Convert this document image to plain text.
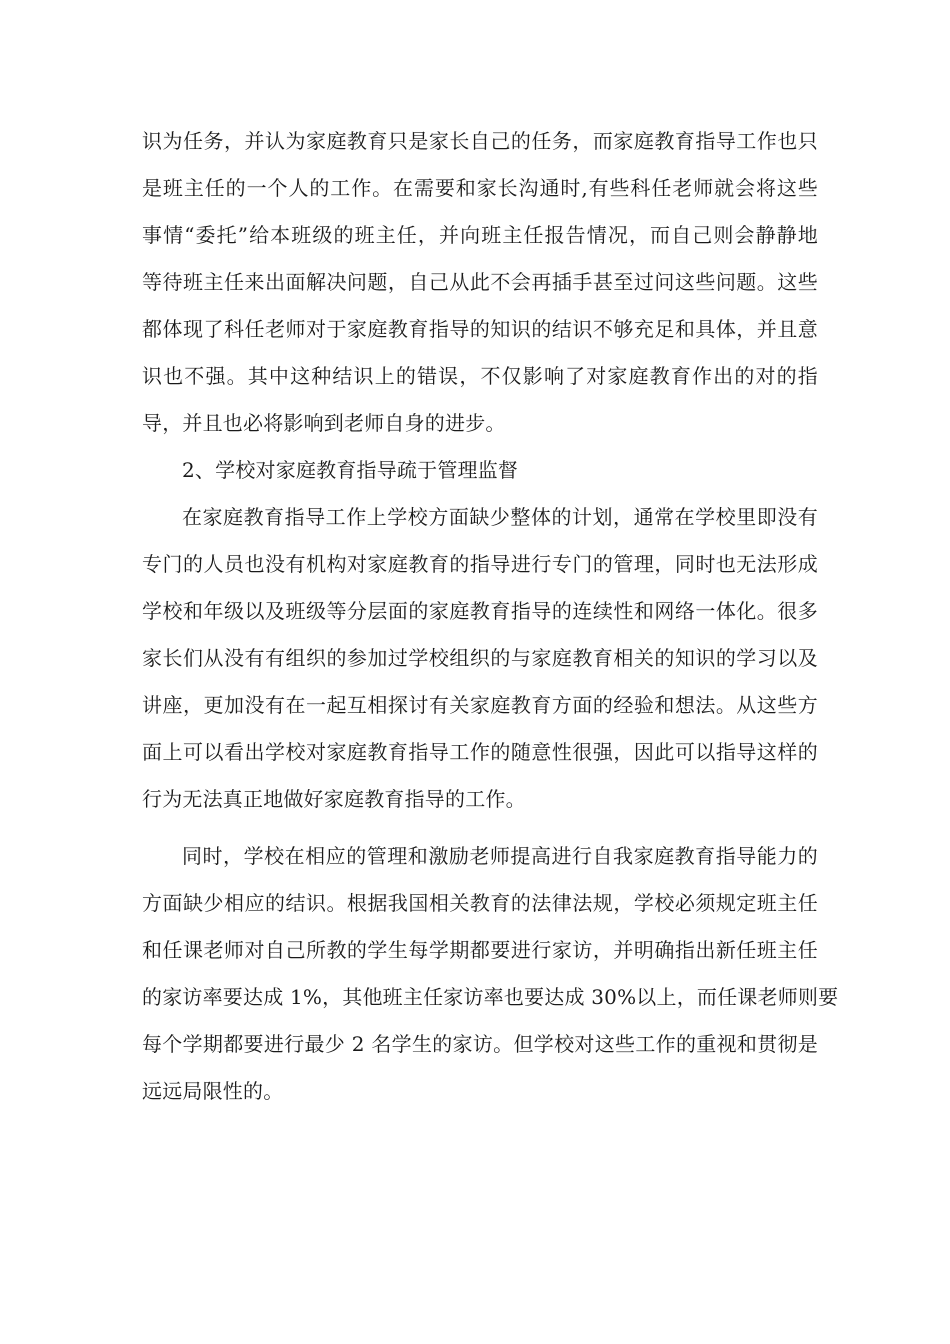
识为任务，并认为家庭教育只是家长自己的任务，而家庭教育指导工作也只
是班主任的一个人的工作。在需要和家长沟通时,有些科任老师就会将这些
事情“委托”给本班级的班主任，并向班主任报告情况，而自己则会静静地
等待班主任来出面解决问题，自己从此不会再插手甚至过问这些问题。这些
都体现了科任老师对于家庭教育指导的知识的结识不够充足和具体，并且意
识也不强。其中这种结识上的错误，不仅影响了对家庭教育作出的对的指
导，并且也必将影响到老师自身的进步。
2、学校对家庭教育指导疏于管理监督
在家庭教育指导工作上学校方面缺少整体的计划，通常在学校里即没有
专门的人员也没有机构对家庭教育的指导进行专门的管理，同时也无法形成
学校和年级以及班级等分层面的家庭教育指导的连续性和网络一体化。很多
家长们从没有有组织的参加过学校组织的与家庭教育相关的知识的学习以及
讲座，更加没有在一起互相探讨有关家庭教育方面的经验和想法。从这些方
面上可以看出学校对家庭教育指导工作的随意性很强，因此可以指导这样的
行为无法真正地做好家庭教育指导的工作。
同时，学校在相应的管理和激励老师提高进行自我家庭教育指导能力的
方面缺少相应的结识。根据我国相关教育的法律法规，学校必须规定班主任
和任课老师对自己所教的学生每学期都要进行家访，并明确指出新任班主任
的家访率要达成 1%，其他班主任家访率也要达成 30%以上，而任课老师则要
每个学期都要进行最少 2 名学生的家访。但学校对这些工作的重视和贯彻是
远远局限性的。
